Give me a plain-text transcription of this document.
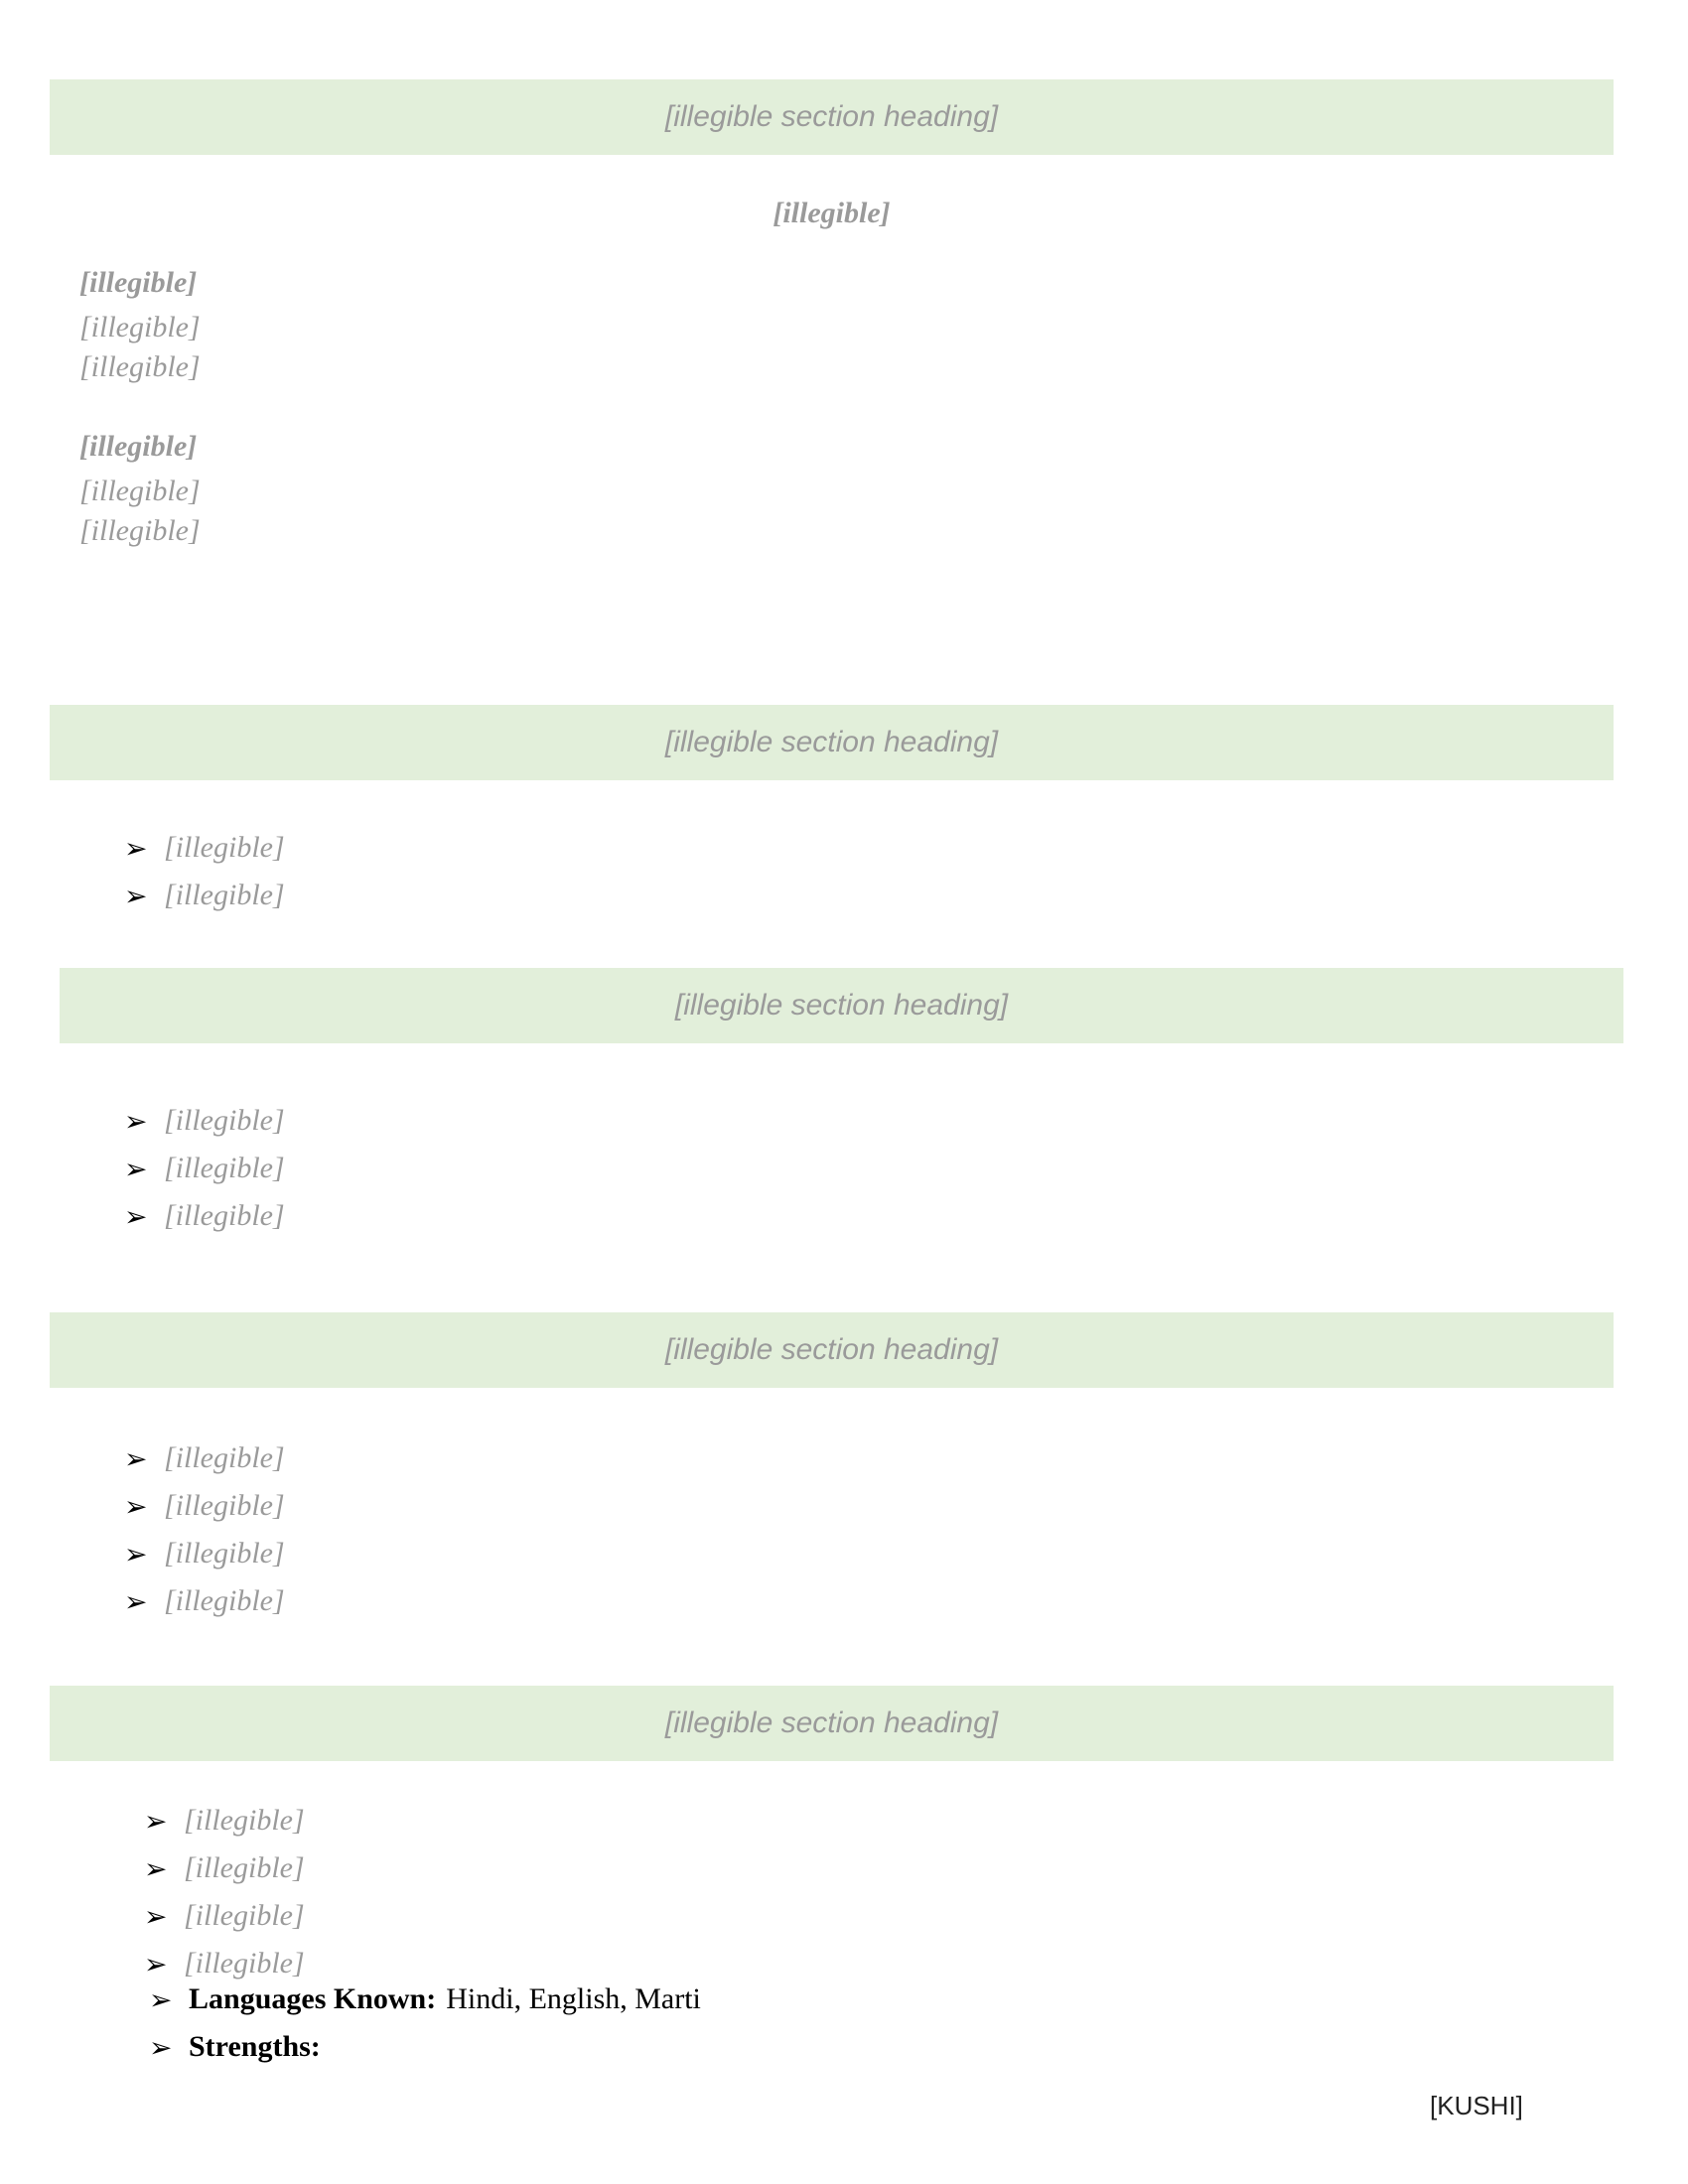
[illegible section heading]
[illegible]
[illegible]
[illegible]
[illegible]
[illegible]
[illegible]
[illegible]
[illegible section heading]
➢ [illegible]
➢ [illegible]
[illegible section heading]
➢ [illegible]
➢ [illegible]
➢ [illegible]
[illegible section heading]
➢ [illegible]
➢ [illegible]
➢ [illegible]
➢ [illegible]
[illegible section heading]
➢ [illegible]
➢ [illegible]
➢ [illegible]
➢ [illegible]
➢ Languages Known: Hindi, English, Marti
➢ Strengths:
[KUSHI]
